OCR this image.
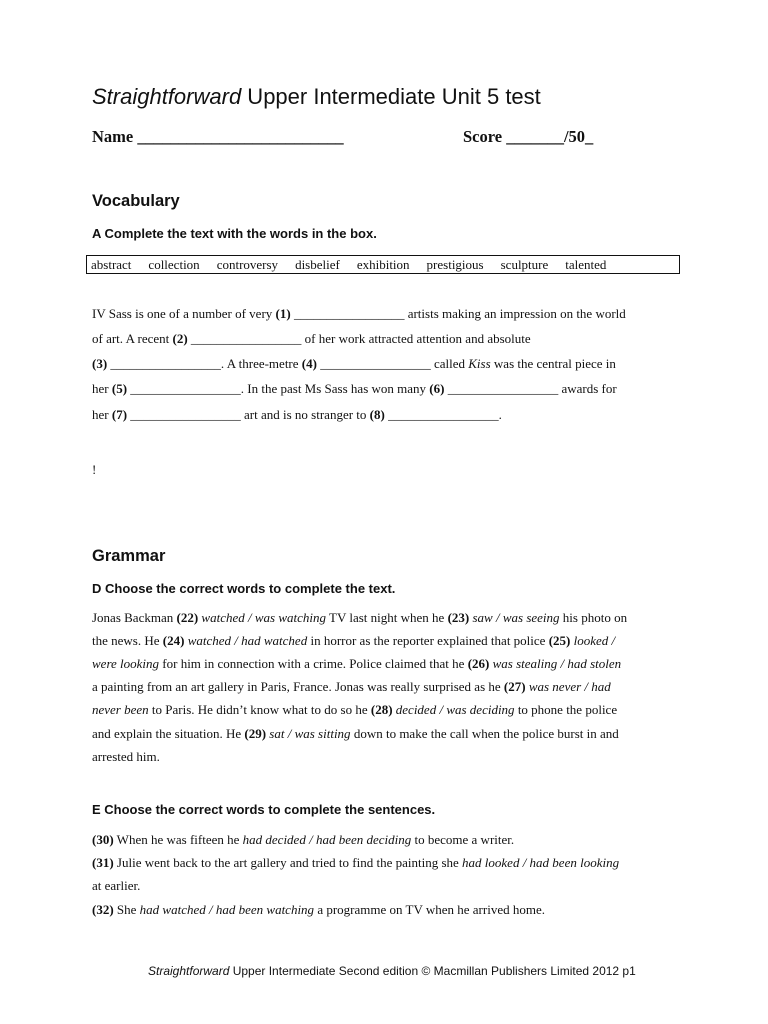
Straightforward Upper Intermediate Unit 5 test
Name _________________________	Score _______/50_
Vocabulary
A Complete the text with the words in the box.
abstract collection controversy disbelief exhibition prestigious sculpture talented
IV Sass is one of a number of very (1) _________________ artists making an impression on the world
of art. A recent (2) _________________ of her work attracted attention and absolute
(3) _________________. A three-metre (4) _________________ called Kiss was the central piece in
her (5) _________________. In the past Ms Sass has won many (6) _________________ awards for
her (7) _________________ art and is no stranger to (8) _________________.
!
Grammar
D Choose the correct words to complete the text.
Jonas Backman (22) watched / was watching TV last night when he (23) saw / was seeing his photo on
the news. He (24) watched / had watched in horror as the reporter explained that police (25) looked /
were looking for him in connection with a crime. Police claimed that he (26) was stealing / had stolen
a painting from an art gallery in Paris, France. Jonas was really surprised as he (27) was never / had
never been to Paris. He didn’t know what to do so he (28) decided / was deciding to phone the police
and explain the situation. He (29) sat / was sitting down to make the call when the police burst in and
arrested him.
E Choose the correct words to complete the sentences.
(30) When he was fifteen he had decided / had been deciding to become a writer.
(31) Julie went back to the art gallery and tried to find the painting she had looked / had been looking
at earlier.
(32) She had watched / had been watching a programme on TV when he arrived home.
Straightforward Upper Intermediate Second edition © Macmillan Publishers Limited 2012 p1
